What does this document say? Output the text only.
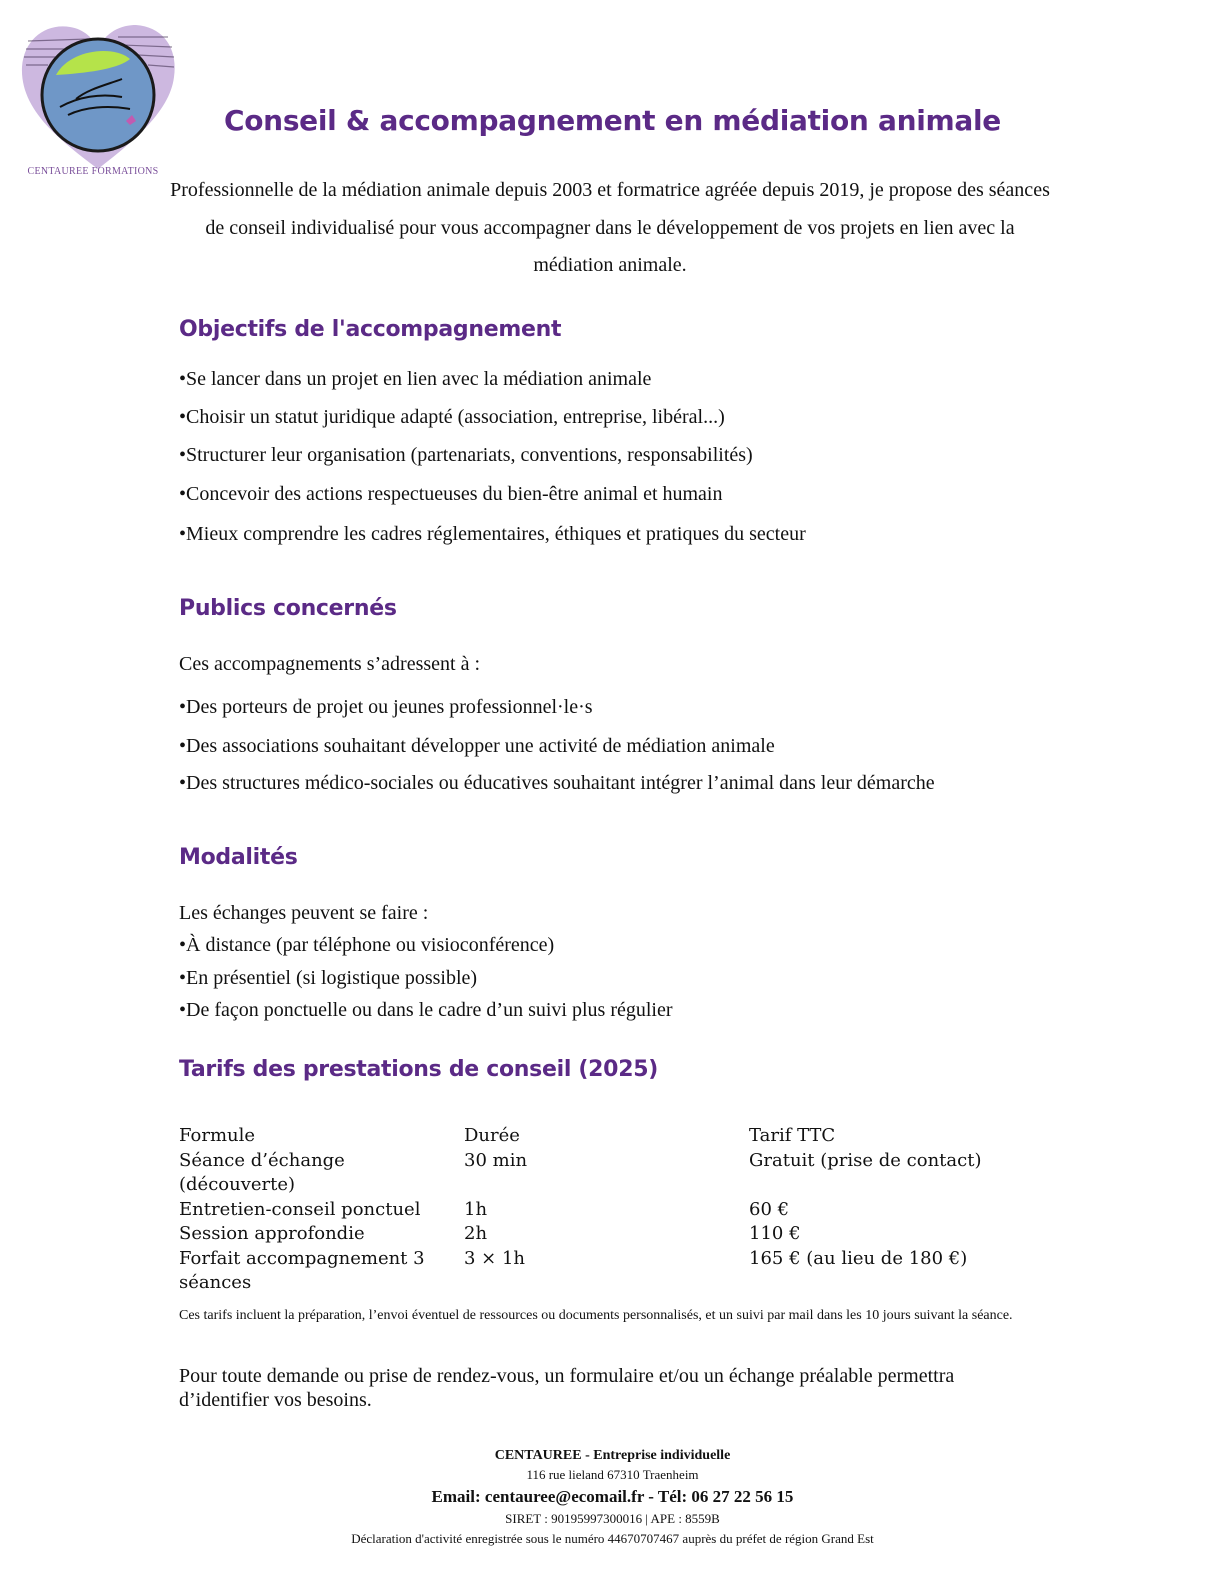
CENTAUREE FORMATIONS
Conseil & accompagnement en médiation animale
Professionnelle de la médiation animale depuis 2003 et formatrice agréée depuis 2019, je propose des séances de conseil individualisé pour vous accompagner dans le développement de vos projets en lien avec la médiation animale.
Objectifs de l'accompagnement
•Se lancer dans un projet en lien avec la médiation animale
•Choisir un statut juridique adapté (association, entreprise, libéral...)
•Structurer leur organisation (partenariats, conventions, responsabilités)
•Concevoir des actions respectueuses du bien-être animal et humain
•Mieux comprendre les cadres réglementaires, éthiques et pratiques du secteur
Publics concernés
Ces accompagnements s’adressent à :
•Des porteurs de projet ou jeunes professionnel·le·s
•Des associations souhaitant développer une activité de médiation animale
•Des structures médico-sociales ou éducatives souhaitant intégrer l’animal dans leur démarche
Modalités
Les échanges peuvent se faire :
•À distance (par téléphone ou visioconférence)
•En présentiel (si logistique possible)
•De façon ponctuelle ou dans le cadre d’un suivi plus régulier
Tarifs des prestations de conseil (2025)
Formule	Durée	Tarif TTC
Séance d’échange (découverte)	30 min	Gratuit (prise de contact)
Entretien-conseil ponctuel	1h	60 €
Session approfondie	2h	110 €
Forfait accompagnement 3 séances	3 × 1h	165 € (au lieu de 180 €)
Ces tarifs incluent la préparation, l’envoi éventuel de ressources ou documents personnalisés, et un suivi par mail dans les 10 jours suivant la séance.
Pour toute demande ou prise de rendez-vous, un formulaire et/ou un échange préalable permettra d’identifier vos besoins.
CENTAUREE - Entreprise individuelle
116 rue lieland 67310 Traenheim
Email: centauree@ecomail.fr - Tél: 06 27 22 56 15
SIRET : 90195997300016 | APE : 8559B
Déclaration d'activité enregistrée sous le numéro 44670707467 auprès du préfet de région Grand Est
